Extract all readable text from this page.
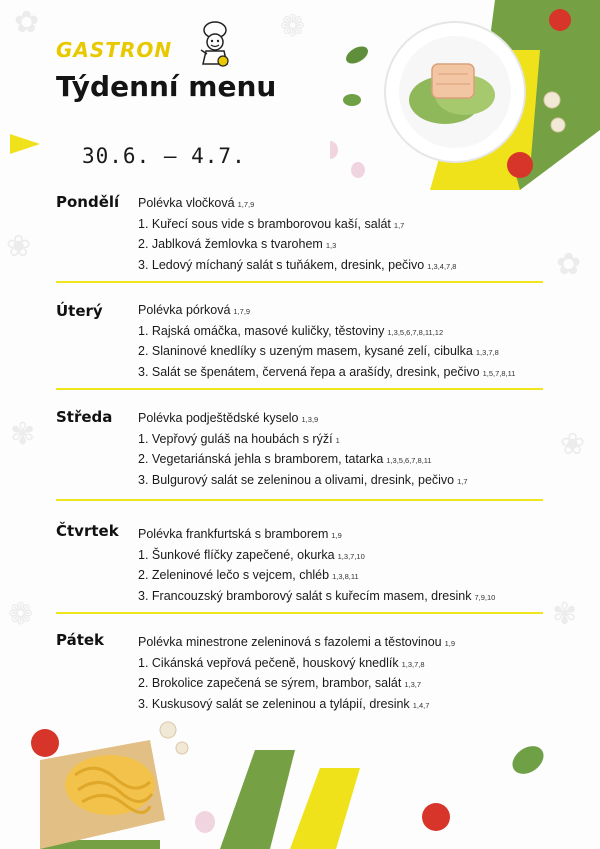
✿
❀
✾
❁
✿
❀
✾
❁
GASTRON
Týdenní menu
30.6. – 4.7.
Pondělí Polévka vločková 1,7,9
1. Kuřecí sous vide s bramborovou kaší, salát 1,7
2. Jablková žemlovka s tvarohem 1,3
3. Ledový míchaný salát s tuňákem, dresink, pečivo 1,3,4,7,8
Úterý	Polévka pórková 1,7,9
1. Rajská omáčka, masové kuličky, těstoviny 1,3,5,6,7,8,11,12
2. Slaninové knedlíky s uzeným masem, kysané zelí, cibulka 1,3,7,8
3. Salát se špenátem, červená řepa a arašídy, dresink, pečivo 1,5,7,8,11
Středa Polévka podještědské kyselo 1,3,9
1. Vepřový guláš na houbách s rýží 1
2. Vegetariánská jehla s bramborem, tatarka 1,3,5,6,7,8,11
3. Bulgurový salát se zeleninou a olivami, dresink, pečivo 1,7
Čtvrtek Polévka frankfurtská s bramborem 1,9
1. Šunkové flíčky zapečené, okurka 1,3,7,10
2. Zeleninové lečo s vejcem, chléb 1,3,8,11
3. Francouzský bramborový salát s kuřecím masem, dresink 7,9,10
Pátek	Polévka minestrone zeleninová s fazolemi a těstovinou 1,9
1. Cikánská vepřová pečeně, houskový knedlík 1,3,7,8
2. Brokolice zapečená se sýrem, brambor, salát 1,3,7
3. Kuskusový salát se zeleninou a tylápií, dresink 1,4,7
